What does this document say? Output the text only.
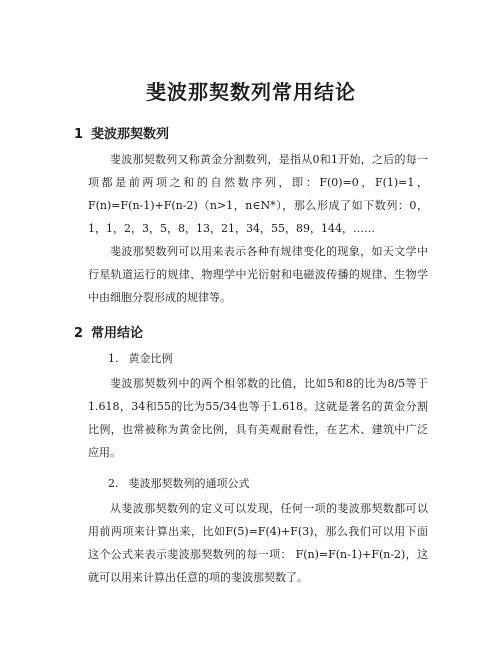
斐波那契数列常用结论
1 斐波那契数列

斐波那契数列又称黄金分割数列，是指从0和1开始，之后的每一项都是前两项之和的自然数序列，即：F(0)=0，F(1)=1，F(n)=F(n-1)+F(n-2)（n>1，n∈N*），那么形成了如下数列：0，1，1，2，3，5，8，13，21，34，55，89，144，……

斐波那契数列可以用来表示各种有规律变化的现象，如天文学中行星轨道运行的规律、物理学中光衍射和电磁波传播的规律、生物学中由细胞分裂形成的规律等。

2 常用结论

1. 黄金比例

斐波那契数列中的两个相邻数的比值，比如5和8的比为8/5等于1.618，34和55的比为55/34也等于1.618。这就是著名的黄金分割比例，也常被称为黄金比例，具有美观耐看性，在艺术、建筑中广泛应用。

2. 斐波那契数列的通项公式

从斐波那契数列的定义可以发现，任何一项的斐波那契数都可以用前两项来计算出来，比如F(5)=F(4)+F(3)，那么我们可以用下面这个公式来表示斐波那契数列的每一项： F(n)=F(n-1)+F(n-2)，这就可以用来计算出任意的项的斐波那契数了。
